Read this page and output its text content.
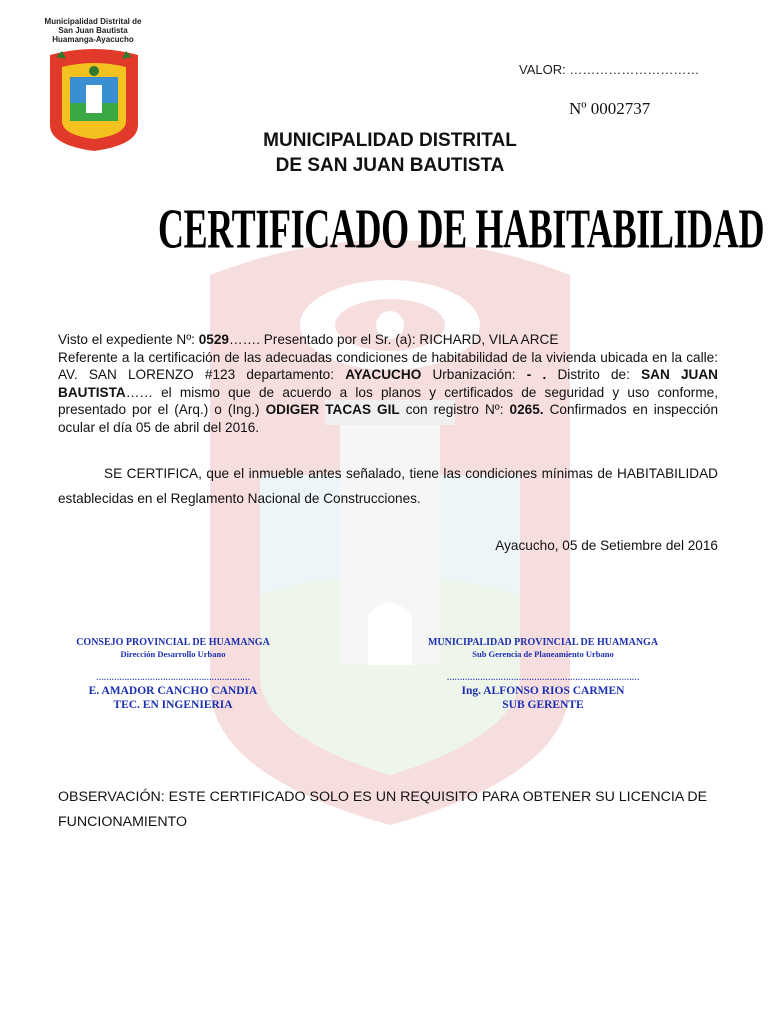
Municipalidad Distrital de
San Juan Bautista
Huamanga-Ayacucho
VALOR: …………………………
Nº 0002737
MUNICIPALIDAD DISTRITAL
DE SAN JUAN BAUTISTA
CERTIFICADO DE HABITABILIDAD
Visto el expediente Nº: 0529……. Presentado por el Sr. (a): RICHARD, VILA ARCE
Referente a la certificación de las adecuadas condiciones de habitabilidad de la vivienda ubicada en la calle: AV. SAN LORENZO #123 departamento: AYACUCHO Urbanización: - . Distrito de: SAN JUAN BAUTISTA…… el mismo que de acuerdo a los planos y certificados de seguridad y uso conforme, presentado por el (Arq.) o (Ing.) ODIGER TACAS GIL con registro Nº: 0265. Confirmados en inspección ocular el día 05 de abril del 2016.
SE CERTIFICA, que el inmueble antes señalado, tiene las condiciones mínimas de HABITABILIDAD establecidas en el Reglamento Nacional de Construcciones.
Ayacucho, 05 de Setiembre del 2016
CONSEJO PROVINCIAL DE HUAMANGA
Dirección Desarrollo Urbano
……………………………………………………
E. AMADOR CANCHO CANDIA
TEC. EN INGENIERIA
MUNICIPALIDAD PROVINCIAL DE HUAMANGA
Sub Gerencia de Planeamiento Urbano
…………………………………………………………………
Ing. ALFONSO RIOS CARMEN
SUB GERENTE
OBSERVACIÓN: ESTE CERTIFICADO SOLO ES UN REQUISITO PARA OBTENER SU LICENCIA DE FUNCIONAMIENTO
